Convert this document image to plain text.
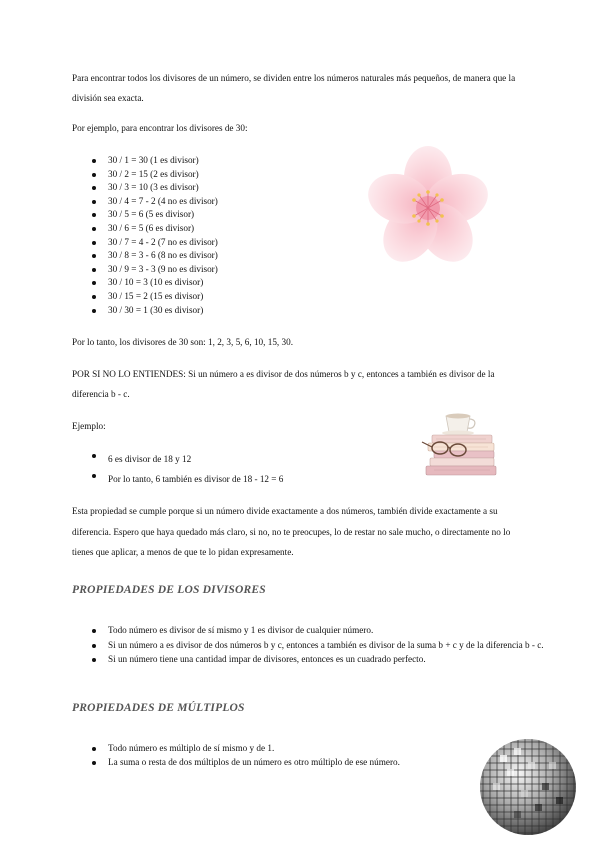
Para encontrar todos los divisores de un número, se dividen entre los números naturales más pequeños, de manera que la división sea exacta.

Por ejemplo, para encontrar los divisores de 30:

30 / 1 = 30 (1 es divisor)
30 / 2 = 15 (2 es divisor)
30 / 3 = 10 (3 es divisor)
30 / 4 = 7 - 2 (4 no es divisor)
30 / 5 = 6 (5 es divisor)
30 / 6 = 5 (6 es divisor)
30 / 7 = 4 - 2 (7 no es divisor)
30 / 8 = 3 - 6 (8 no es divisor)
30 / 9 = 3 - 3 (9 no es divisor)
30 / 10 = 3 (10 es divisor)
30 / 15 = 2 (15 es divisor)
30 / 30 = 1 (30 es divisor)

Por lo tanto, los divisores de 30 son: 1, 2, 3, 5, 6, 10, 15, 30.

POR SI NO LO ENTIENDES: Si un número a es divisor de dos números b y c, entonces a también es divisor de la diferencia b - c.

Ejemplo:

6 es divisor de 18 y 12
Por lo tanto, 6 también es divisor de 18 - 12 = 6

Esta propiedad se cumple porque si un número divide exactamente a dos números, también divide exactamente a su diferencia. Espero que haya quedado más claro, si no, no te preocupes, lo de restar no sale mucho, o directamente no lo tienes que aplicar, a menos de que te lo pidan expresamente.

PROPIEDADES DE LOS DIVISORES
Todo número es divisor de sí mismo y 1 es divisor de cualquier número.
Si un número a es divisor de dos números b y c, entonces a también es divisor de la suma b + c y de la diferencia b - c.
Si un número tiene una cantidad impar de divisores, entonces es un cuadrado perfecto.
PROPIEDADES DE MÚLTIPLOS
Todo número es múltiplo de sí mismo y de 1.
La suma o resta de dos múltiplos de un número es otro múltiplo de ese número.
